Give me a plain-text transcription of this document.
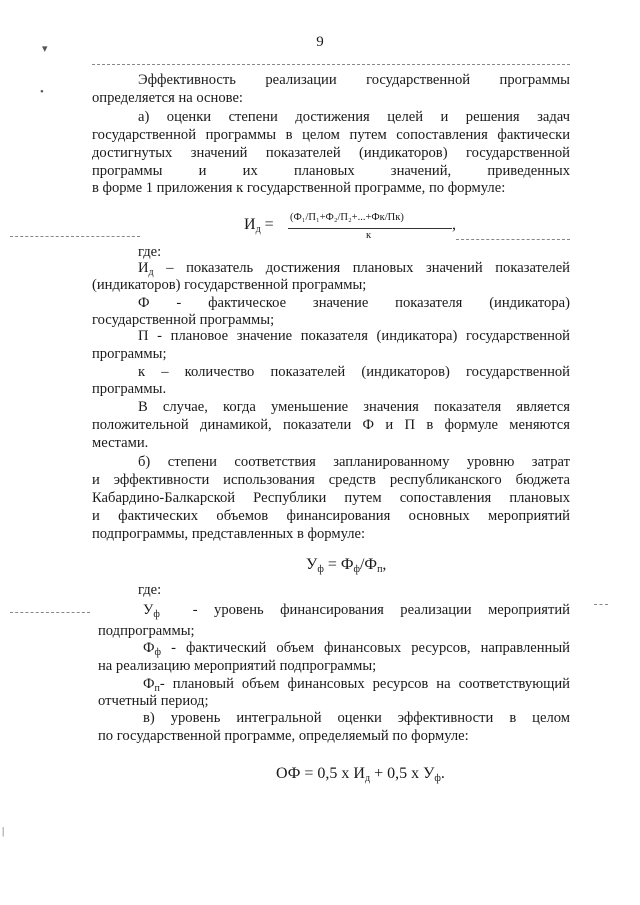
9
▾
•
Эффективность реализации государственной программы
определяется на основе:
а) оценки степени достижения целей и решения задач
государственной программы в целом путем сопоставления фактически
достигнутых значений показателей (индикаторов) государственной
программы и их плановых значений, приведенных
в форме 1 приложения к государственной программе, по формуле:
$И_д = (Ф_1/П_1+Ф_2/П_2+...+Фк/Пк)$
к
,
где:
$И_д$ – показатель достижения плановых значений показателей
(индикаторов) государственной программы;
Ф - фактическое значение показателя (индикатора)
государственной программы;
П - плановое значение показателя (индикатора) государственной
программы;
к – количество показателей (индикаторов) государственной
программы.
В случае, когда уменьшение значения показателя является
положительной динамикой, показатели Ф и П в формуле меняются
местами.
б) степени соответствия запланированному уровню затрат
и эффективности использования средств республиканского бюджета
Кабардино-Балкарской Республики путем сопоставления плановых
и фактических объемов финансирования основных мероприятий
подпрограммы, представленных в формуле:
$У_ф = Ф_ф/Ф_п$,
где:
$У_ф$ - уровень финансирования реализации мероприятий
подпрограммы;
$Ф_ф$ - фактический объем финансовых ресурсов, направленный
на реализацию мероприятий подпрограммы;
$Ф_п-$ плановый объем финансовых ресурсов на соответствующий
отчетный период;
в) уровень интегральной оценки эффективности в целом
по государственной программе, определяемый по формуле:
ОФ = 0,5 х $И_д + 0,5$ х $У_ф$.
|
